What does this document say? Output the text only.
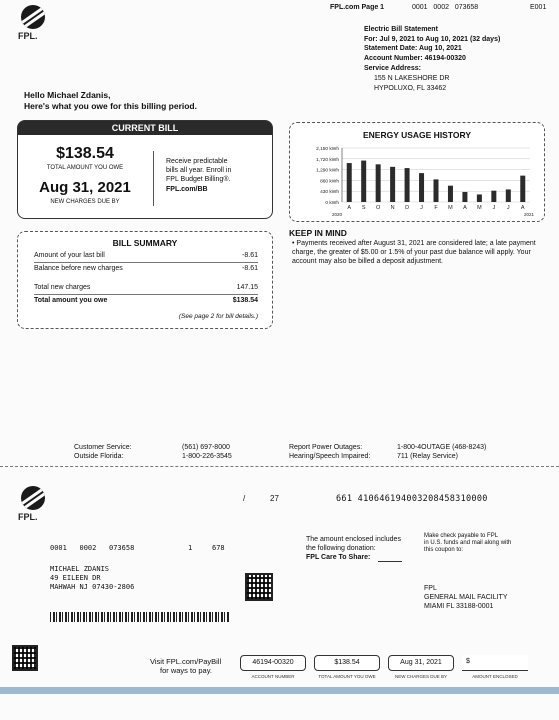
FPL.
FPL.com Page 1	0001   0002   073658	E001
Electric Bill Statement
For: Jul 9, 2021 to Aug 10, 2021 (32 days)
Statement Date: Aug 10, 2021
Account Number: 46194-00320
Service Address:
155 N LAKESHORE DR
HYPOLUXO, FL 33462
Hello Michael Zdanis,
Here's what you owe for this billing period.
CURRENT BILL
$138.54
TOTAL AMOUNT YOU OWE
Aug 31, 2021
NEW CHARGES DUE BY
Receive predictable
bills all year. Enroll in
FPL Budget Billing®.
FPL.com/BB
BILL SUMMARY
Amount of your last bill	-8.61
Balance before new charges	-8.61
Total new charges	147.15
Total amount you owe	$138.54
(See page 2 for bill details.)
ENERGY USAGE HISTORY
2,150 kWh
1,720 kWh
1,290 kWh
860 kWh
430 kWh
0 kWh
A S O N D J F M A M J J A
2020	2021
KEEP IN MIND
• Payments received after August 31, 2021 are considered late; a late payment charge, the greater of $5.00 or 1.5% of your past due balance will apply. Your account may also be billed a deposit adjustment.
Customer Service:	(561) 697-8000
Outside Florida:	1-800-226-3545
Report Power Outages:	1-800-4OUTAGE (468-8243)
Hearing/Speech Impaired:	711 (Relay Service)
FPL.
/	27	661 410646194003208458310000
0001   0002   073658	1	678
MICHAEL ZDANIS
49 EILEEN DR
MAHWAH NJ 07430-2806
The amount enclosed includes
the following donation:
FPL Care To Share:
Make check payable to FPL
in U.S. funds and mail along with
this coupon to:
FPL
GENERAL MAIL FACILITY
MIAMI FL 33188-0001
Visit FPL.com/PayBill
for ways to pay.
46194-00320
ACCOUNT NUMBER
$138.54
TOTAL AMOUNT YOU OWE
Aug 31, 2021
NEW CHARGES DUE BY
$
AMOUNT ENCLOSED
